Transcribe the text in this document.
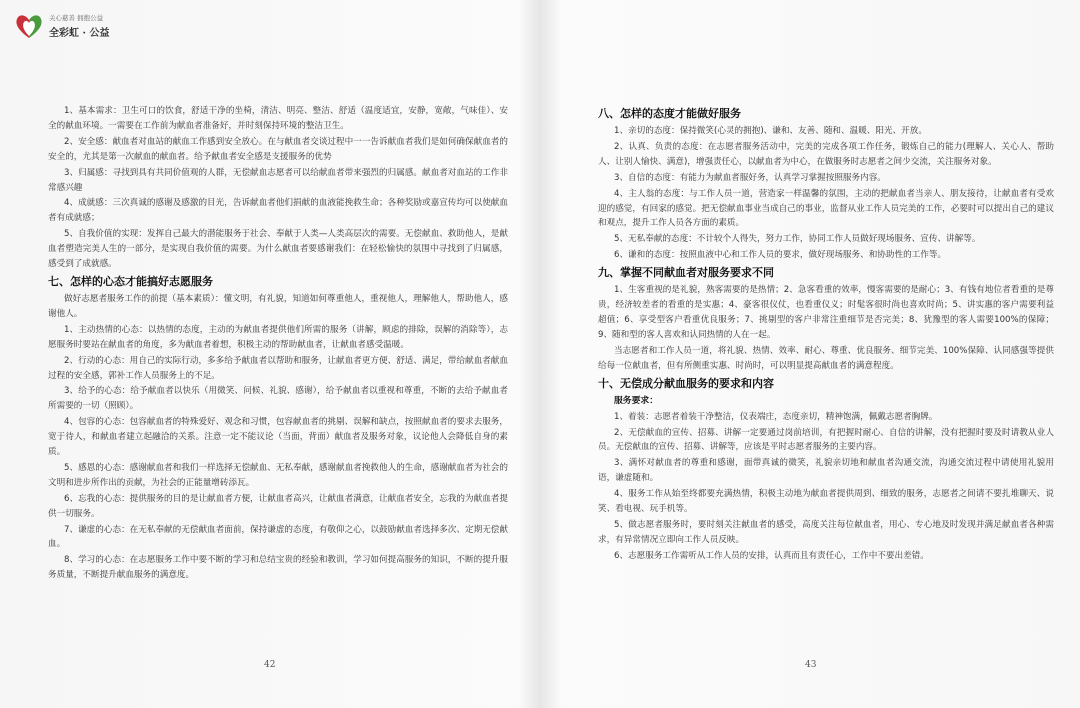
关心慈善 拥抱公益
全彩虹 · 公益

1、基本需求：卫生可口的饮食，舒适干净的坐椅，清洁、明亮、整洁、舒适（温度适宜，安静，宽敞，气味佳）、安全的献血环境。一需要在工作前为献血者准备好，并时刻保持环境的整洁卫生。

2、安全感：献血者对血站的献血工作感到安全放心。在与献血者交谈过程中一一告诉献血者我们是如何确保献血者的安全的，尤其是第一次献血的献血者。给予献血者安全感是支援服务的优势

3、归属感：寻找到具有共同价值观的人群，无偿献血志愿者可以给献血者带来强烈的归属感。献血者对血站的工作非常感兴趣

4、成就感：三次真诚的感谢及感激的目光，告诉献血者他们捐献的血液能挽救生命；各种奖励或嘉宣传均可以使献血者有成就感；

5、自我价值的实现：发挥自己最大的潜能服务于社会、奉献于人类—人类高层次的需要。无偿献血、救助他人，是献血者塑造完美人生的一部分，是实现自我价值的需要。为什么献血者要感谢我们：在轻松愉快的氛围中寻找到了归属感，感受到了成就感。

七、怎样的心态才能搞好志愿服务

做好志愿者服务工作的前提（基本素质）：懂文明，有礼貌，知道如何尊重他人，重视他人，理解他人，帮助他人，感谢他人。

1、主动热情的心态：以热情的态度，主动的为献血者提供他们所需的服务（讲解，顾虑的排除，误解的消除等），志愿服务时要站在献血者的角度，多为献血者着想，积极主动的帮助献血者，让献血者感受温暖。

2、行动的心态：用自己的实际行动，多多给予献血者以帮助和服务，让献血者更方便、舒适、满足，带给献血者献血过程的安全感，郭补工作人员服务上的不足。

3、给予的心态：给予献血者以快乐（用微笑、问候、礼貌、感谢），给予献血者以重视和尊重，不断的去给予献血者所需要的一切（照顾）。

4、包容的心态：包容献血者的特殊爱好、观念和习惯，包容献血者的挑剔、误解和缺点，按照献血者的要求去服务，宽于待人，和献血者建立起融洽的关系。注意一定不能议论（当面，背面）献血者及服务对象，议论他人会降低自身的素质。

5、感恩的心态：感谢献血者和我们一样选择无偿献血、无私奉献，感谢献血者挽救他人的生命，感谢献血者为社会的文明和进步所作出的贡献，为社会的正能量增砖添瓦。

6、忘我的心态：提供服务的目的是让献血者方便，让献血者高兴，让献血者满意，让献血者安全，忘我的为献血者提供一切服务。

7、谦虚的心态：在无私奉献的无偿献血者面前，保持谦虚的态度，有敬仰之心，以鼓励献血者选择多次、定期无偿献血。

8、学习的心态：在志愿服务工作中要不断的学习和总结宝贵的经验和教训，学习如何提高服务的知识，不断的提升服务质量，不断提升献血服务的满意度。

42
八、怎样的态度才能做好服务

1、亲切的态度：保持微笑(心灵的拥抱)、谦和、友善、随和、温暖、阳光、开放。

2、认真、负责的态度：在志愿者服务活动中，完美的完成各项工作任务，锻炼自己的能力(理解人、关心人、帮助人、让别人愉快、满意)，增强责任心，以献血者为中心，在做服务时志愿者之间少交流，关注服务对象。

3、自信的态度：有能力为献血者服好务，认真学习掌握按照服务内容。

4、主人翁的态度：与工作人员一道，营造家一样温馨的氛围，主动的把献血者当亲人、朋友接待，让献血者有受欢迎的感觉，有回家的感觉。把无偿献血事业当成自己的事业，监督从业工作人员完美的工作，必要时可以提出自己的建议和观点，提升工作人员各方面的素质。

5、无私奉献的态度：不计较个人得失，努力工作，协同工作人员做好现场服务、宣传、讲解等。

6、谦和的态度：按照血液中心和工作人员的要求，做好现场服务、和协助性的工作等。

九、掌握不同献血者对服务要求不同

1、生客重视的是礼貌，熟客需要的是热情；2、急客看重的效率，慢客需要的是耐心；3、有钱有地位者看重的是尊贵，经济较差者的看重的是实惠；4、豪客很仪仗，也看重仪义；时髦客很时尚也喜欢时尚；5、讲实惠的客户需要利益超值；6、享受型客户看重优良服务；7、挑剔型的客户非常注重细节是否完美；8、犹豫型的客人需要100%的保障；9、随和型的客人喜欢和认同热情的人在一起。

当志愿者和工作人员一道，将礼貌、热情、效率、耐心、尊重、优良服务、细节完美、100%保障、认同感强等提供给每一位献血者，但有所侧重实惠、时尚时，可以明显提高献血者的满意程度。

十、无偿成分献血服务的要求和内容
服务要求：

1、着装：志愿者着装干净整洁，仪表端庄，态度亲切，精神饱满，佩戴志愿者胸牌。

2、无偿献血的宣传、招募、讲解一定要通过岗前培训，有把握时耐心、自信的讲解，没有把握时要及时请教从业人员。无偿献血的宣传、招募、讲解等，应该是平时志愿者服务的主要内容。

3、满怀对献血者的尊重和感谢，面带真诚的微笑，礼貌亲切地和献血者沟通交流，沟通交流过程中请使用礼貌用语，谦虚随和。

4、服务工作从始至终都要充满热情，积极主动地为献血者提供周到、细致的服务，志愿者之间请不要扎堆聊天、说笑、看电视、玩手机等。

5、做志愿者服务时，要时刻关注献血者的感受，高度关注每位献血者，用心、专心地及时发现并满足献血者各种需求，有异常情况立即向工作人员反映。

6、志愿服务工作需听从工作人员的安排，认真而且有责任心，工作中不要出差错。

43
